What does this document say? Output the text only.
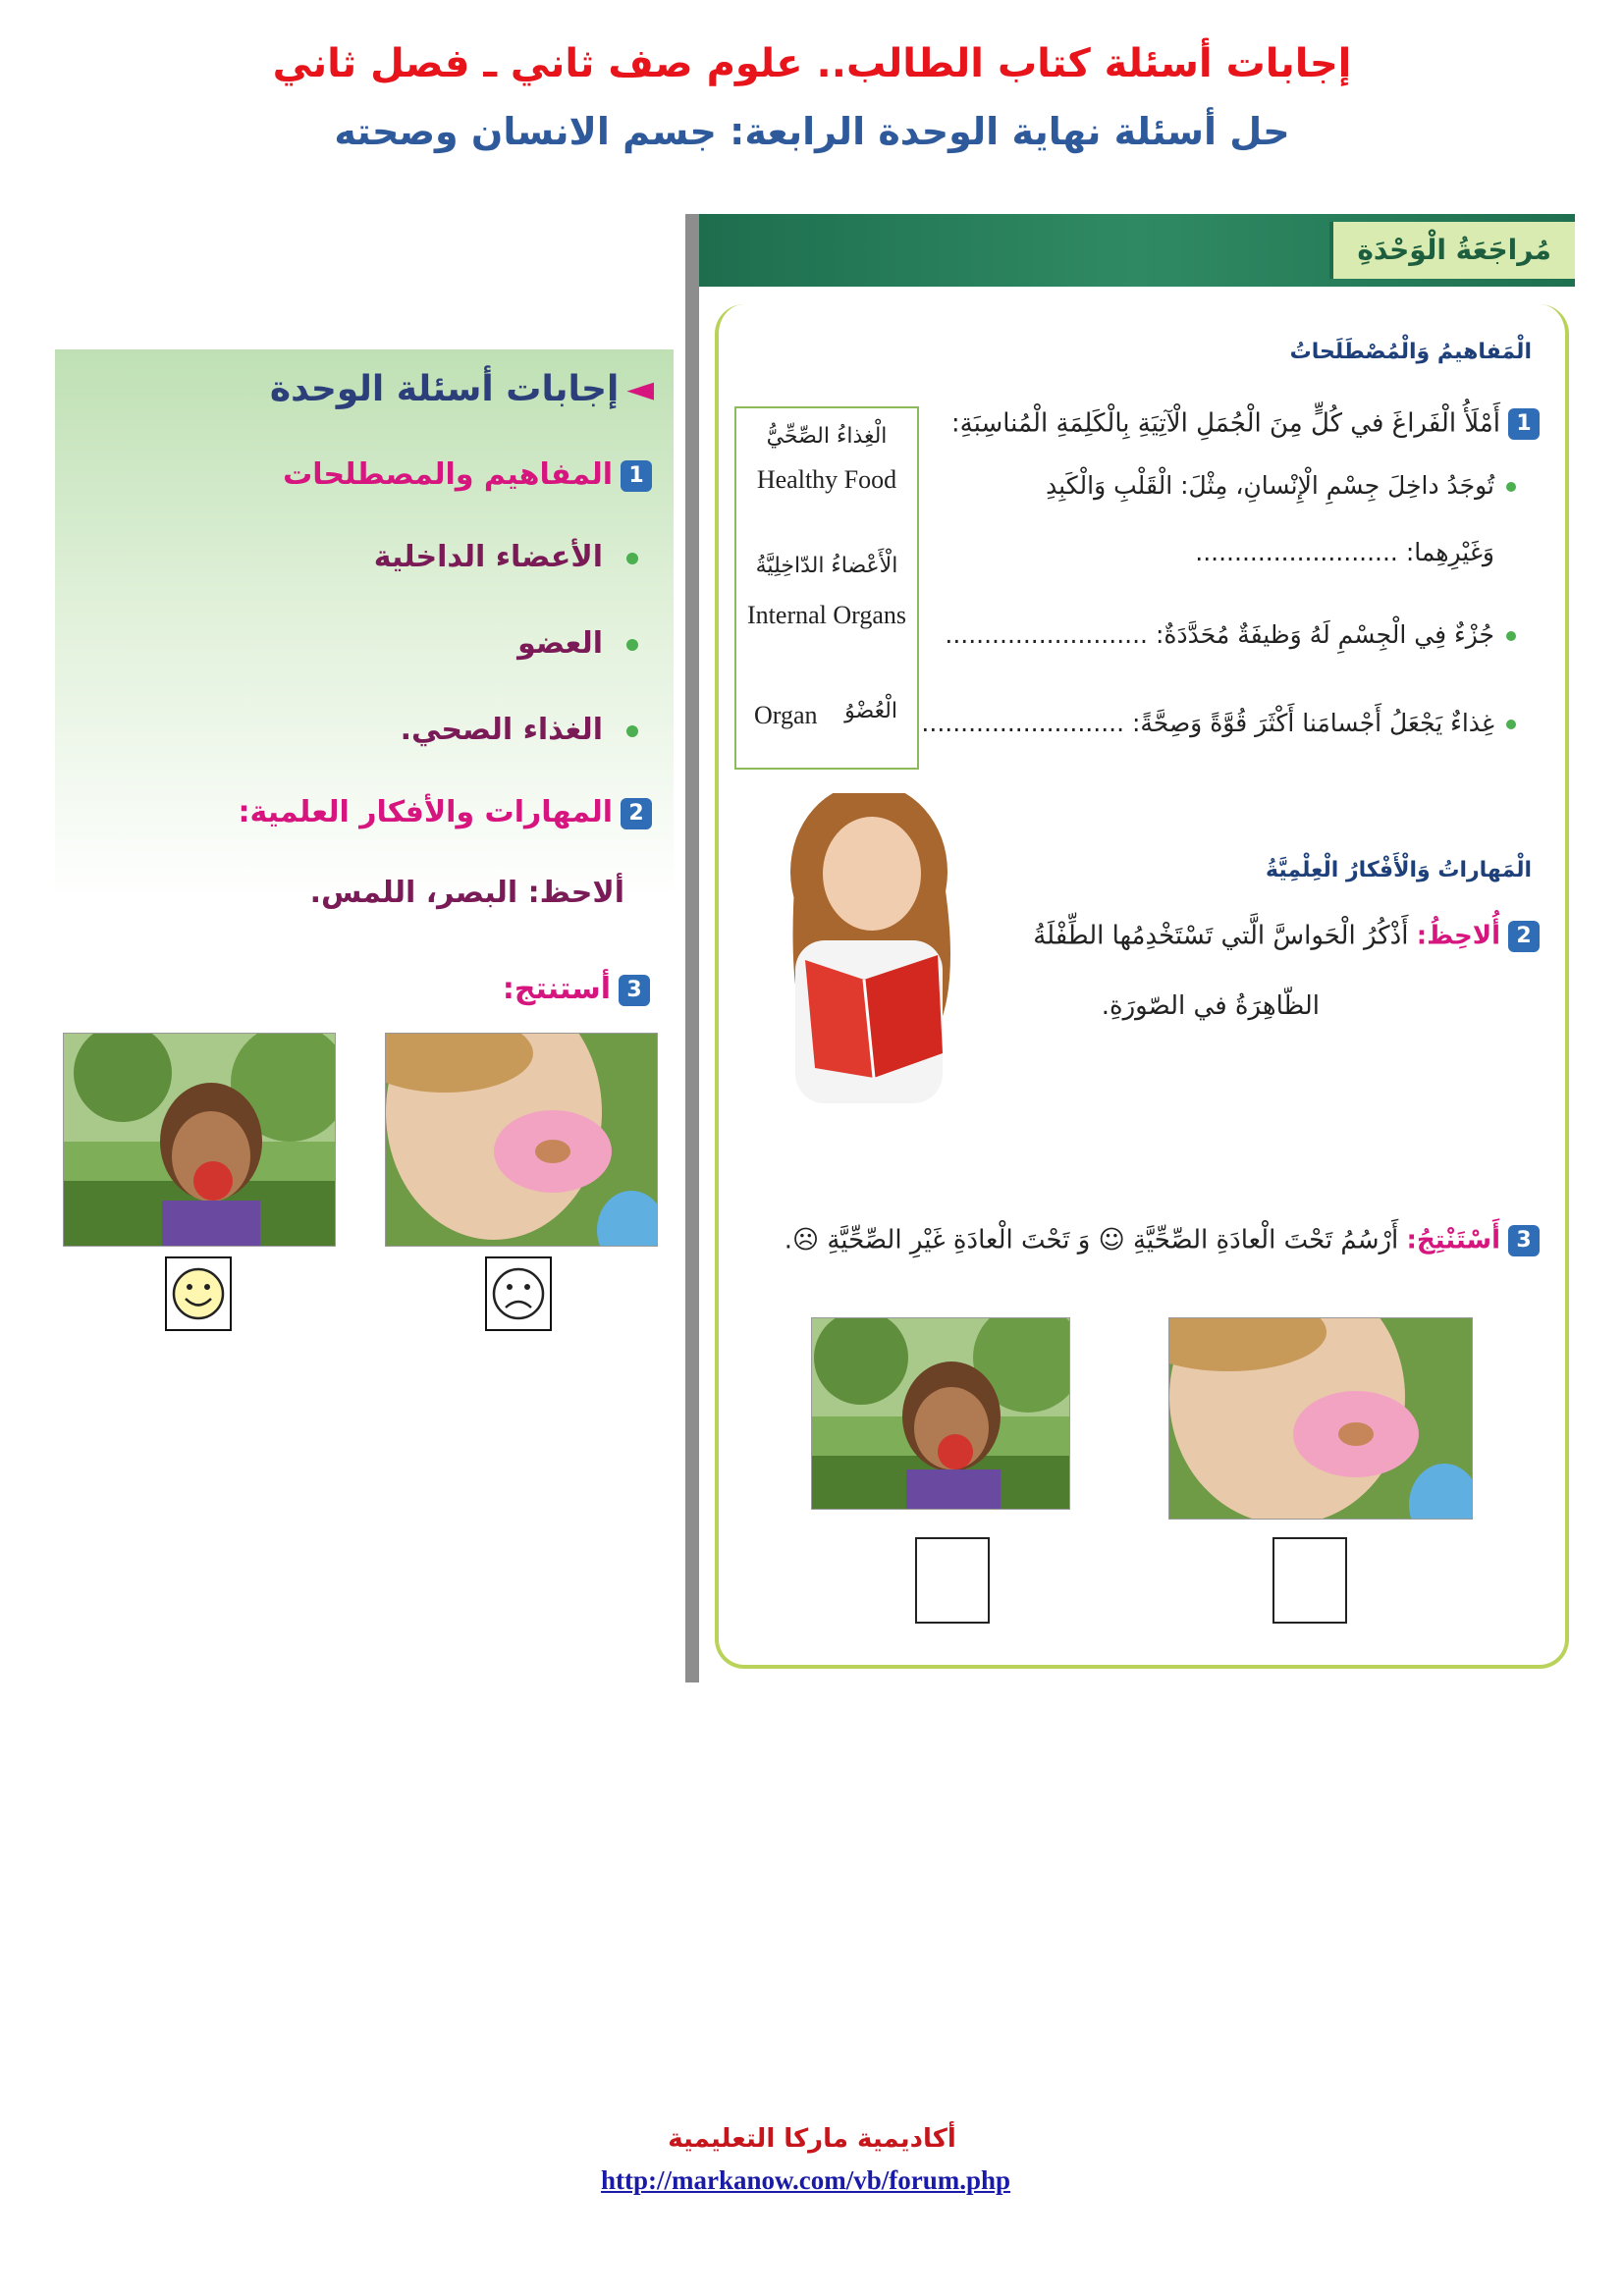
إجابات أسئلة كتاب الطالب.. علوم صف ثاني ـ فصل ثاني
حل أسئلة نهاية الوحدة الرابعة: جسم الانسان وصحته
◄إجابات أسئلة الوحدة
1المفاهيم والمصطلحات
الأعضاء الداخلية
العضو
الغذاء الصحي.
2المهارات والأفكار العلمية:
ألاحظ: البصر، اللمس.
3أستنتج:
مُراجَعَةُ الْوَحْدَةِ
الْمَفاهيمُ وَالْمُصْطَلَحاتُ
1أَمْلَأُ الْفَراغَ في كُلٍّ مِنَ الْجُمَلِ الْآتِيَةِ بِالْكَلِمَةِ الْمُناسِبَةِ:
تُوجَدُ داخِلَ جِسْمِ الْإِنْسانِ، مِثْلَ: الْقَلْبِ وَالْكَبِدِ
وَغَيْرِهِما: ..........................
جُزْءٌ فِي الْجِسْمِ لَهُ وَظيفَةٌ مُحَدَّدَةٌ: ..........................
غِذاءٌ يَجْعَلُ أَجْسامَنا أَكْثَرَ قُوَّةً وَصِحَّةً: ..........................
الْغِذاءُ الصِّحِّيُّ
Healthy Food
الْأَعْضاءُ الدّاخِلِيَّةُ
Internal Organs
الْعُضْوُ
Organ
الْمَهاراتُ وَالْأَفْكارُ الْعِلْمِيَّةُ
2أُلاحِظُ: أَذْكُرُ الْحَواسَّ الَّتي تَسْتَخْدِمُها الطِّفْلَةُ
الظّاهِرَةُ في الصّورَةِ.
3أَسْتَنْتِجُ: أَرْسُمُ تَحْتَ الْعادَةِ الصِّحِّيَّةِ ☺ وَ تَحْتَ الْعادَةِ غَيْرِ الصِّحِّيَّةِ ☹.
أكاديمية ماركا التعليمية
http://markanow.com/vb/forum.php
